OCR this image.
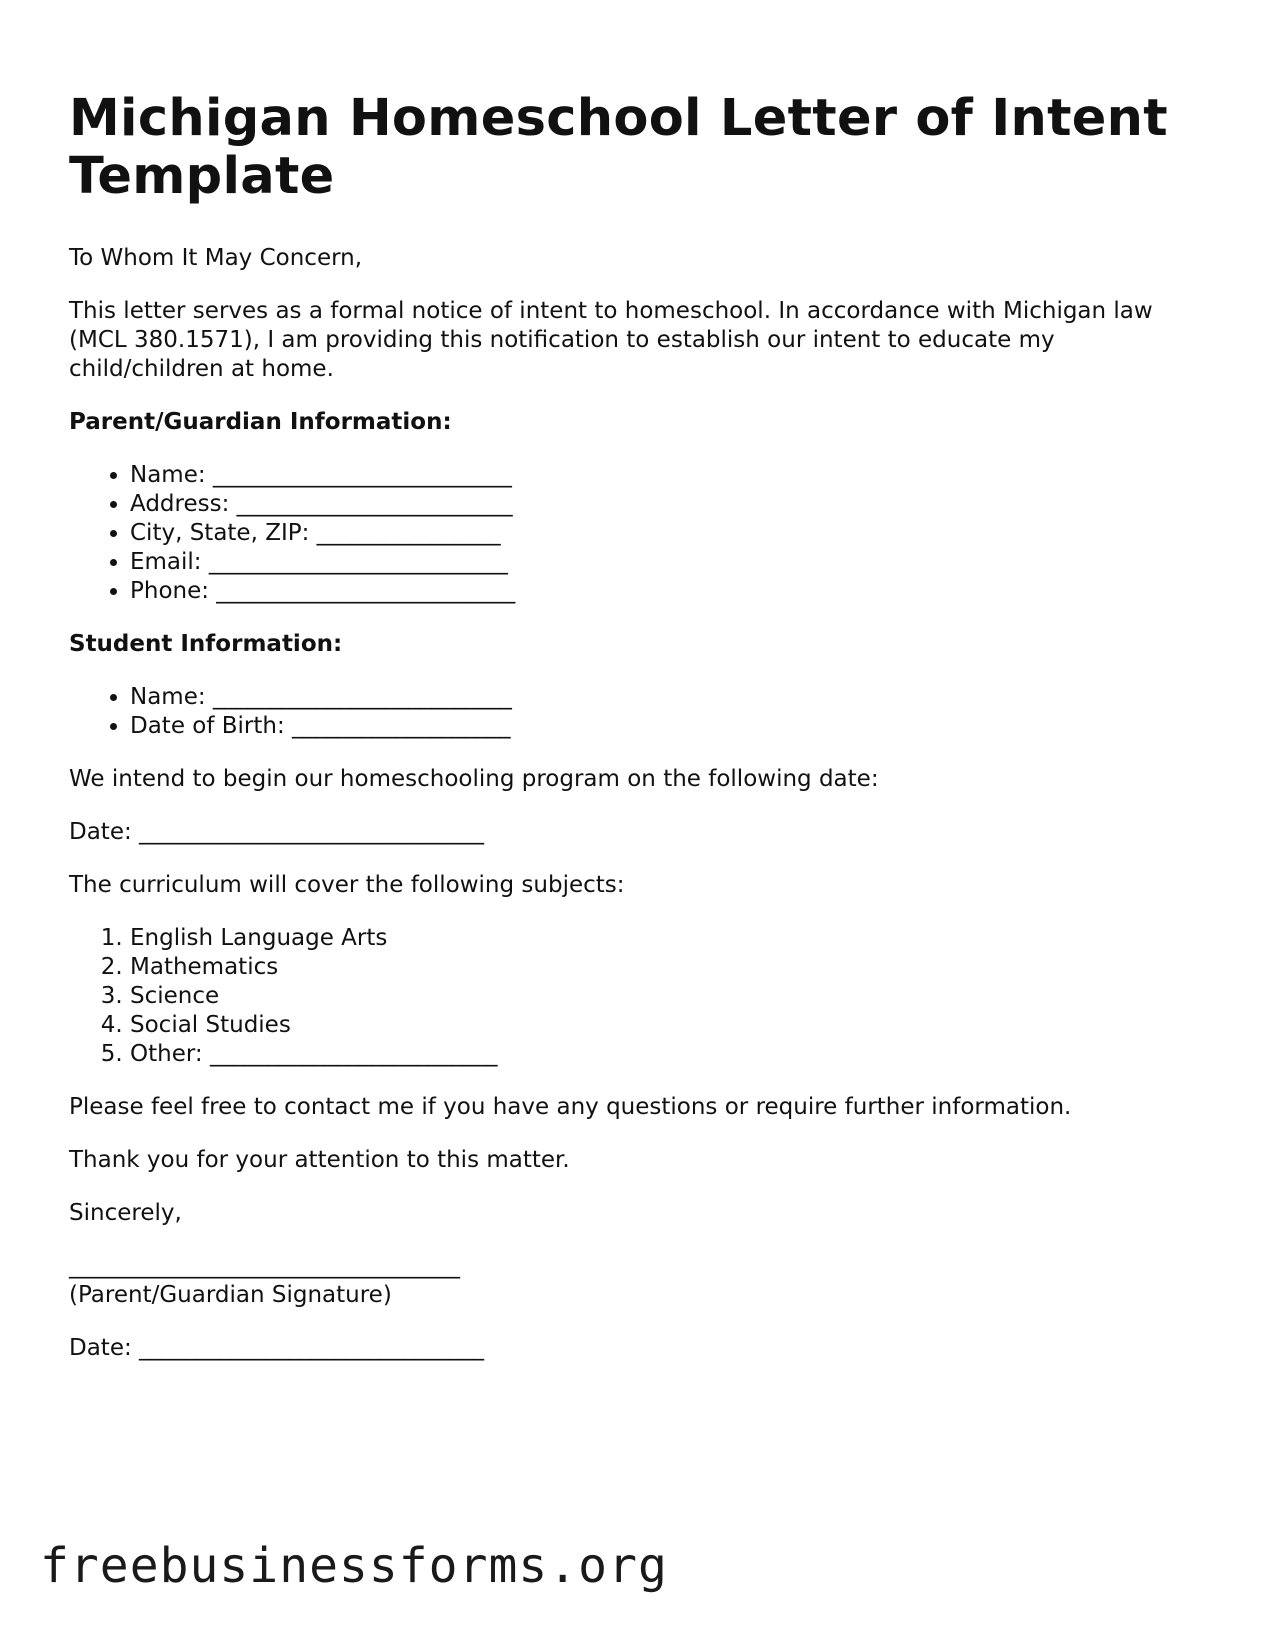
Michigan Homeschool Letter of Intent Template

To Whom It May Concern,

This letter serves as a formal notice of intent to homeschool. In accordance with Michigan law (MCL 380.1571), I am providing this notification to establish our intent to educate my child/children at home.

Parent/Guardian Information:
• Name: __________________________
• Address: ________________________
• City, State, ZIP: ________________
• Email: __________________________
• Phone: __________________________
Student Information:
• Name: __________________________
• Date of Birth: ___________________

We intend to begin our homeschooling program on the following date:

Date: ______________________________

The curriculum will cover the following subjects:

1. English Language Arts
2. Mathematics
3. Science
4. Social Studies
5. Other: _________________________

Please feel free to contact me if you have any questions or require further information.

Thank you for your attention to this matter.

Sincerely,

__________________________________

(Parent/Guardian Signature)

Date: ______________________________

freebusinessforms.org
